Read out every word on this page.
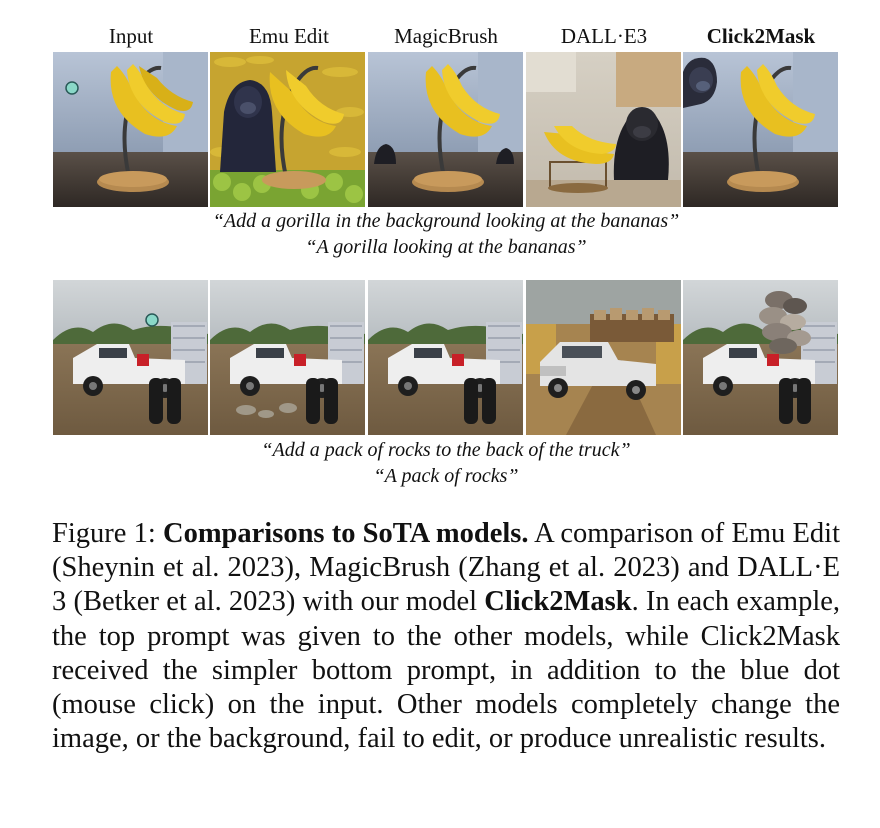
Input	Emu Edit	MagicBrush	DALL·E3	Click2Mask
“Add a gorilla in the background looking at the bananas”
“A gorilla looking at the bananas”
“Add a pack of rocks to the back of the truck”
“A pack of rocks”
Figure 1: Comparisons to SoTA models. A comparison of Emu Edit (Sheynin et al. 2023), MagicBrush (Zhang et al. 2023) and DALL·E 3 (Betker et al. 2023) with our model Click2Mask. In each example, the top prompt was given to the other models, while Click2Mask received the simpler bottom prompt, in addition to the blue dot (mouse click) on the input. Other models completely change the image, or the background, fail to edit, or produce unrealistic results.
